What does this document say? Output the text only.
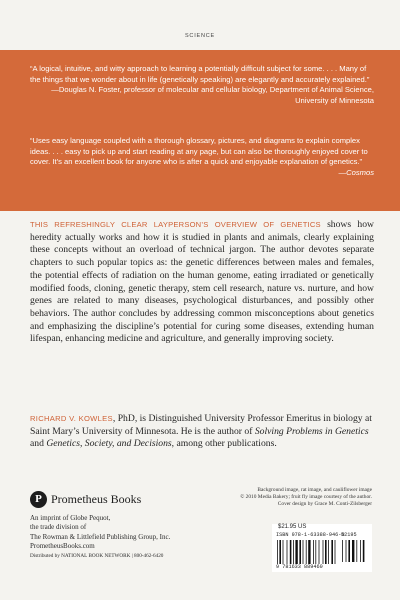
SCIENCE

“A logical, intuitive, and witty approach to learning a potentially difficult subject for some. . . . Many of the things that we wonder about in life (genetically speaking) are elegantly and accurately explained.”

—Douglas N. Foster, professor of molecular and cellular biology, Department of Animal Science, University of Minnesota

“Uses easy language coupled with a thorough glossary, pictures, and diagrams to explain complex ideas. . . . easy to pick up and start reading at any page, but can also be thoroughly enjoyed cover to cover. It’s an excellent book for anyone who is after a quick and enjoyable explanation of genetics.”

—Cosmos
THIS REFRESHINGLY CLEAR LAYPERSON’S OVERVIEW OF GENETICS shows how heredity actually works and how it is studied in plants and animals, clearly explaining these concepts without an overload of technical jargon. The author devotes separate chapters to such popular topics as: the genetic differences between males and females, the potential effects of radiation on the human genome, eating irradiated or genetically modified foods, cloning, genetic therapy, stem cell research, nature vs. nurture, and how genes are related to many diseases, psychological disturbances, and possibly other behaviors. The author concludes by addressing common misconceptions about genetics and emphasizing the discipline’s potential for curing some diseases, extending human lifespan, enhancing medicine and agriculture, and generally improving society.
RICHARD V. KOWLES, PhD, is Distinguished University Professor Emeritus in biology at Saint Mary’s University of Minnesota. He is the author of Solving Problems in Genetics and Genetics, Society, and Decisions, among other publications.
Background image, rat image, and cauliflower image
© 2010 Media Bakery; fruit fly image courtesy of the author.
Cover design by Grace M. Conti-Zilsberger
P Prometheus Books
An imprint of Globe Pequot,
the trade division of
The Rowman & Littlefield Publishing Group, Inc.
PrometheusBooks.com
Distributed by NATIONAL BOOK NETWORK | 800-462-6420
$21.95 US
ISBN 978-1-63388-946-0
52195
9 781633 889460
